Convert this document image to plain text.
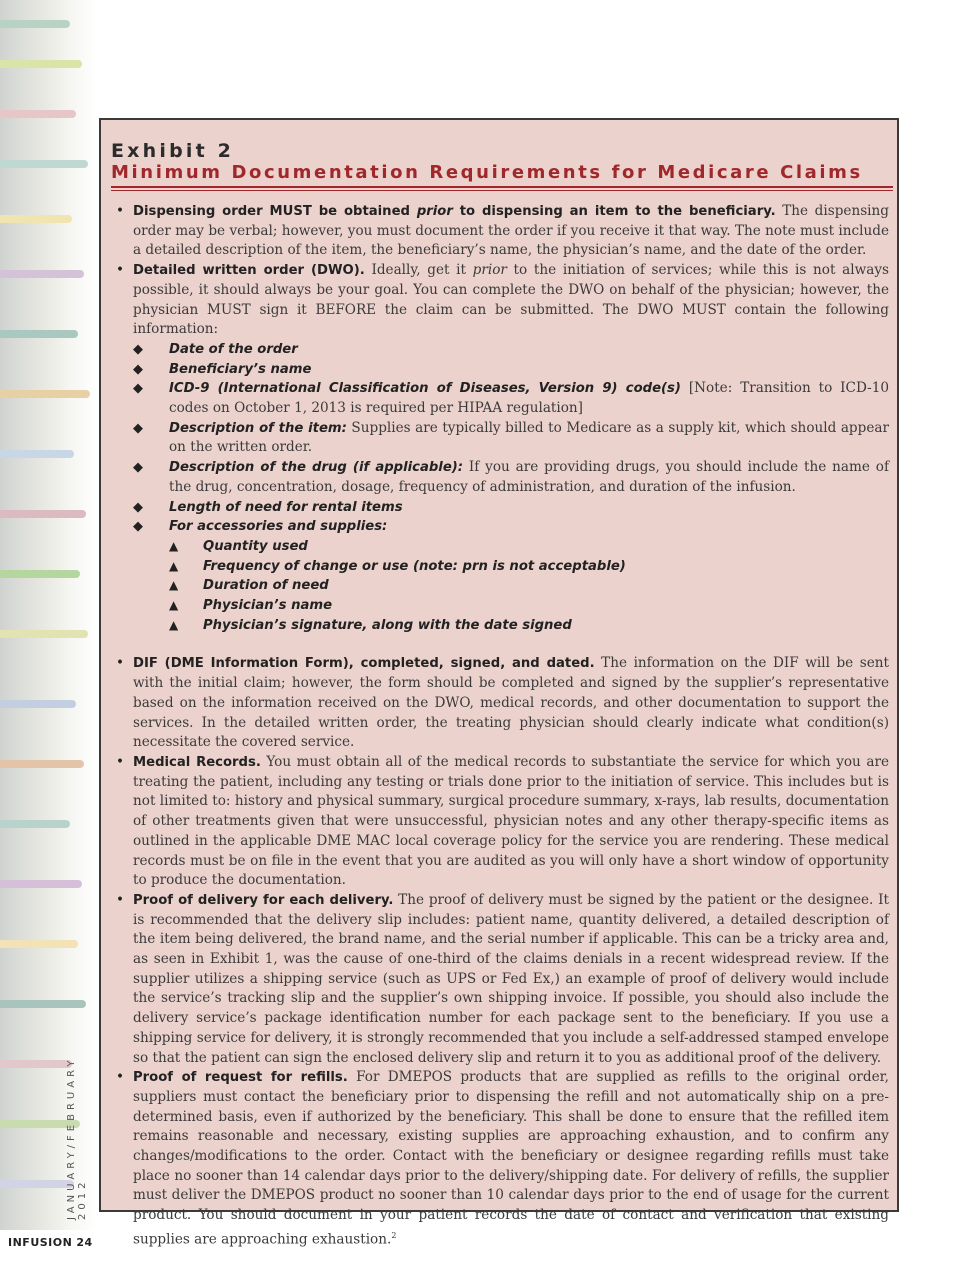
JANUARY/FEBRUARY 2012
INFUSION 24
Exhibit 2
Minimum Documentation Requirements for Medicare Claims
• Dispensing order MUST be obtained prior to dispensing an item to the beneficiary. The dispensing order may be verbal; however, you must document the order if you receive it that way. The note must include a detailed description of the item, the beneficiary’s name, the physician’s name, and the date of the order.
• Detailed written order (DWO). Ideally, get it prior to the initiation of services; while this is not always possible, it should always be your goal. You can complete the DWO on behalf of the physician; however, the physician MUST sign it BEFORE the claim can be submitted. The DWO MUST contain the following information:
◆ Date of the order
◆ Beneficiary’s name
◆ ICD-9 (International Classification of Diseases, Version 9) code(s) [Note: Transition to ICD-10 codes on October 1, 2013 is required per HIPAA regulation]
◆ Description of the item: Supplies are typically billed to Medicare as a supply kit, which should appear on the written order.
◆ Description of the drug (if applicable): If you are providing drugs, you should include the name of the drug, concentration, dosage, frequency of administration, and duration of the infusion.
◆ Length of need for rental items
◆ For accessories and supplies:
▲ Quantity used
▲ Frequency of change or use (note: prn is not acceptable)
▲ Duration of need
▲ Physician’s name
▲ Physician’s signature, along with the date signed
• DIF (DME Information Form), completed, signed, and dated. The information on the DIF will be sent with the initial claim; however, the form should be completed and signed by the supplier’s representative based on the information received on the DWO, medical records, and other documentation to support the services. In the detailed written order, the treating physician should clearly indicate what condition(s) necessitate the covered service.
• Medical Records. You must obtain all of the medical records to substantiate the service for which you are treating the patient, including any testing or trials done prior to the initiation of service. This includes but is not limited to: history and physical summary, surgical procedure summary, x-rays, lab results, documentation of other treatments given that were unsuccessful, physician notes and any other therapy-specific items as outlined in the applicable DME MAC local coverage policy for the service you are rendering. These medical records must be on file in the event that you are audited as you will only have a short window of opportunity to produce the documentation.
• Proof of delivery for each delivery. The proof of delivery must be signed by the patient or the designee. It is recommended that the delivery slip includes: patient name, quantity delivered, a detailed description of the item being delivered, the brand name, and the serial number if applicable. This can be a tricky area and, as seen in Exhibit 1, was the cause of one-third of the claims denials in a recent widespread review. If the supplier utilizes a shipping service (such as UPS or Fed Ex,) an example of proof of delivery would include the service’s tracking slip and the supplier’s own shipping invoice. If possible, you should also include the delivery service’s package identification number for each package sent to the beneficiary. If you use a shipping service for delivery, it is strongly recommended that you include a self-addressed stamped envelope so that the patient can sign the enclosed delivery slip and return it to you as additional proof of the delivery.
• Proof of request for refills. For DMEPOS products that are supplied as refills to the original order, suppliers must contact the beneficiary prior to dispensing the refill and not automatically ship on a pre-determined basis, even if authorized by the beneficiary. This shall be done to ensure that the refilled item remains reasonable and necessary, existing supplies are approaching exhaustion, and to confirm any changes/modifications to the order. Contact with the beneficiary or designee regarding refills must take place no sooner than 14 calendar days prior to the delivery/shipping date. For delivery of refills, the supplier must deliver the DMEPOS product no sooner than 10 calendar days prior to the end of usage for the current product. You should document in your patient records the date of contact and verification that existing supplies are approaching exhaustion.$^2$
